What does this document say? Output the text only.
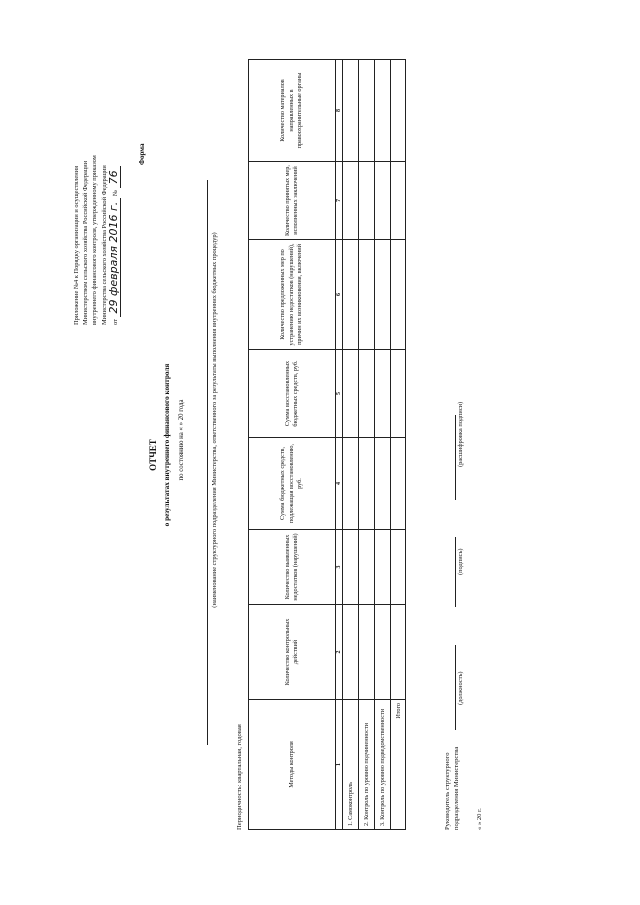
Приложение №4 к Порядку организации и осуществления Министерством сельского хозяйства Российской Федерации внутреннего финансового контроля, утвержденному приказом Министерства сельского хозяйства Российской Федерации от 29 февраля 2016 г. № 76
Форма
ОТЧЕТ о результатах внутреннего финансового контроля по состоянию на « » 20 года	(наименование структурного подразделения Министерства, ответственного за результаты выполнения внутренних бюджетных процедур)
Периодичность: квартальная, годовая	Методы контроля	Количество контрольных действий	Количество выявленных недостатков (нарушений)	Сумма бюджетных средств, подлежащая восстановлению, руб.	Сумма восстановленных бюджетных средств, руб.	Количество предложенных мер по устранению недостатков (нарушений), причин их возникновения, включений	Количество принятых мер, исполненных заключений	Количество материалов направленных в правоохранительные органы
1	2	3	4	5	6	7	8
1. Самоконтроль							
2. Контроль по уровню подчиненности							
3. Контроль по уровню подведомственности							
Итого							
Руководитель структурного подразделения Министерства
(должность)
(подпись)
(расшифровка подписи)
« » 20 г.
